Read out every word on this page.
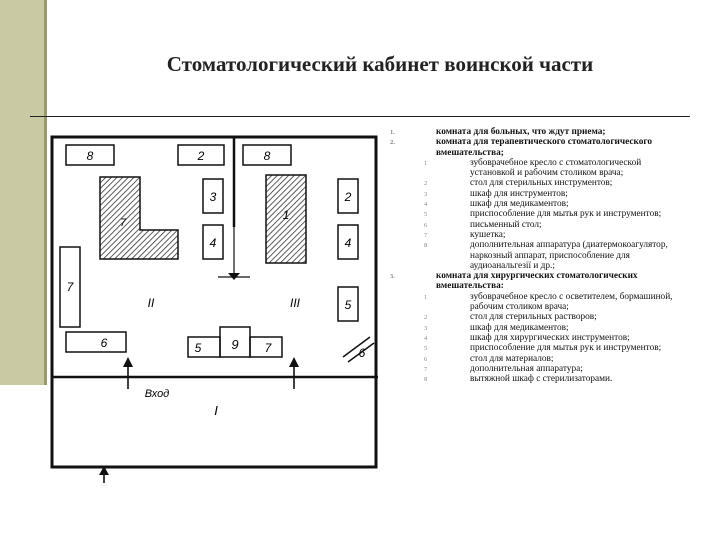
Стоматологический кабинет воинской части
8	2	8
3
4
7
7
1
2
4
5
6	5 9 7	6
II	III
I
Вход
1.	комната для больных, что ждут приема;
2.	комната для терапевтического стоматологического вмешательства;
1	зубоврачебное кресло с стоматологической установкой и рабочим столиком врача;
2	стол для стерильных инструментов;
3	шкаф для инструментов;
4	шкаф для медикаментов;
5	приспособление для мытья рук и инструментов;
6	письменный стол;
7	кушетка;
8	дополнительная аппаратура (диатермокоагулятор, наркозный аппарат, приспособление для аудиоанальгезії и др.;
3.	комната для хирургических стоматологических вмешательства:
1	зубоврачебное кресло с осветителем, бормашиной, рабочим столиком врача;
2	стол для стерильных растворов;
3	шкаф для медикаментов;
4	шкаф для хирургических инструментов;
5	приспособление для мытья рук и инструментов;
6	стол для материалов;
7	дополнительная аппаратура;
8	вытяжной шкаф с стерилизаторами.
